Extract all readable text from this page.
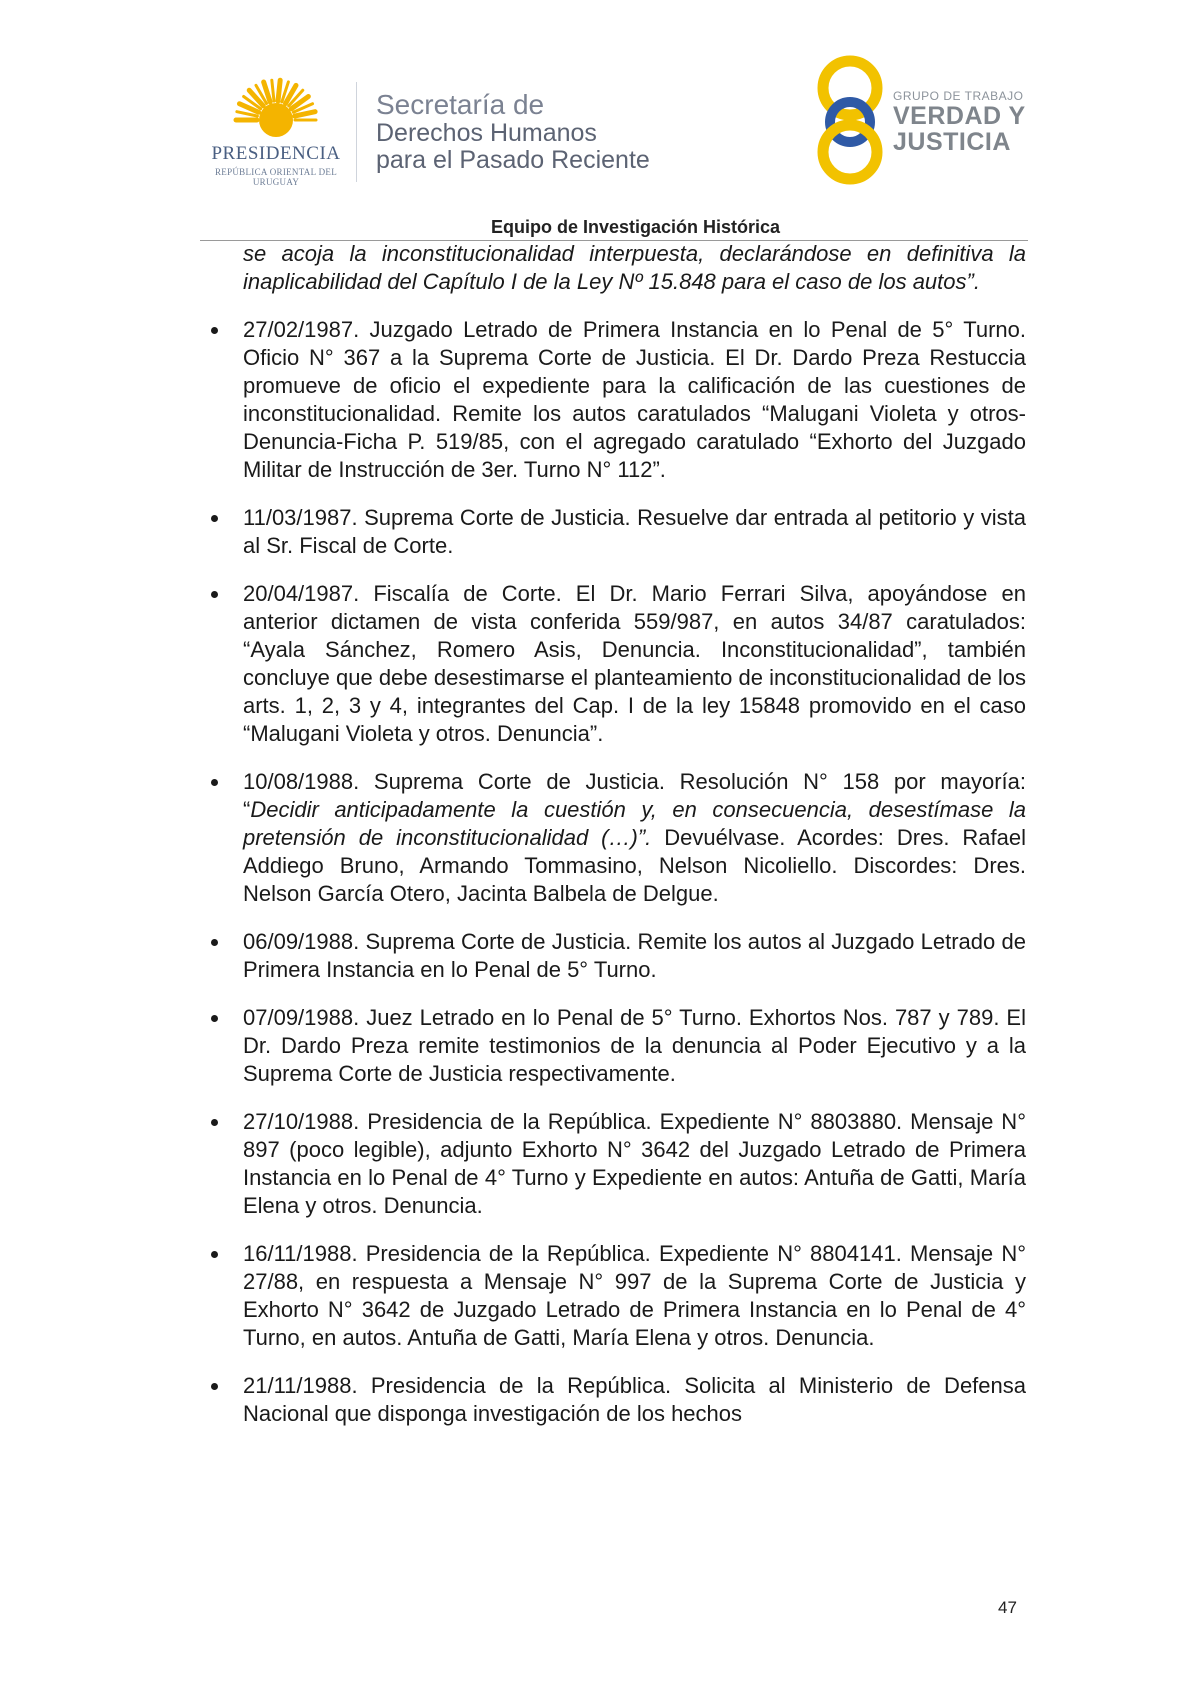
PRESIDENCIA
REPÚBLICA ORIENTAL DEL URUGUAY
Secretaría de
Derechos Humanos
para el Pasado Reciente
GRUPO DE TRABAJO
VERDAD Y
JUSTICIA
Equipo de Investigación Histórica

se acoja la inconstitucionalidad interpuesta, declarándose en definitiva la inaplicabilidad del Capítulo I de la Ley Nº 15.848 para el caso de los autos”.

27/02/1987. Juzgado Letrado de Primera Instancia en lo Penal de 5° Turno. Oficio N° 367 a la Suprema Corte de Justicia. El Dr. Dardo Preza Restuccia promueve de oficio el expediente para la calificación de las cuestiones de inconstitucionalidad. Remite los autos caratulados “Malugani Violeta y otros-Denuncia-Ficha P. 519/85, con el agregado caratulado “Exhorto del Juzgado Militar de Instrucción de 3er. Turno N° 112”.

11/03/1987. Suprema Corte de Justicia. Resuelve dar entrada al petitorio y vista al Sr. Fiscal de Corte.

20/04/1987. Fiscalía de Corte. El Dr. Mario Ferrari Silva, apoyándose en anterior dictamen de vista conferida 559/987, en autos 34/87 caratulados: “Ayala Sánchez, Romero Asis, Denuncia. Inconstitucionalidad”, también concluye que debe desestimarse el planteamiento de inconstitucionalidad de los arts. 1, 2, 3 y 4, integrantes del Cap. I de la ley 15848 promovido en el caso “Malugani Violeta y otros. Denuncia”.

10/08/1988. Suprema Corte de Justicia. Resolución N° 158 por mayoría: “Decidir anticipadamente la cuestión y, en consecuencia, desestímase la pretensión de inconstitucionalidad (…)”. Devuélvase. Acordes: Dres. Rafael Addiego Bruno, Armando Tommasino, Nelson Nicoliello. Discordes: Dres. Nelson García Otero, Jacinta Balbela de Delgue.

06/09/1988. Suprema Corte de Justicia. Remite los autos al Juzgado Letrado de Primera Instancia en lo Penal de 5° Turno.

07/09/1988. Juez Letrado en lo Penal de 5° Turno. Exhortos Nos. 787 y 789. El Dr. Dardo Preza remite testimonios de la denuncia al Poder Ejecutivo y a la Suprema Corte de Justicia respectivamente.

27/10/1988. Presidencia de la República. Expediente N° 8803880. Mensaje N° 897 (poco legible), adjunto Exhorto N° 3642 del Juzgado Letrado de Primera Instancia en lo Penal de 4° Turno y Expediente en autos: Antuña de Gatti, María Elena y otros. Denuncia.

16/11/1988. Presidencia de la República. Expediente N° 8804141. Mensaje N° 27/88, en respuesta a Mensaje N° 997 de la Suprema Corte de Justicia y Exhorto N° 3642 de Juzgado Letrado de Primera Instancia en lo Penal de 4° Turno, en autos. Antuña de Gatti, María Elena y otros. Denuncia.

21/11/1988. Presidencia de la República. Solicita al Ministerio de Defensa Nacional que disponga investigación de los hechos

47
